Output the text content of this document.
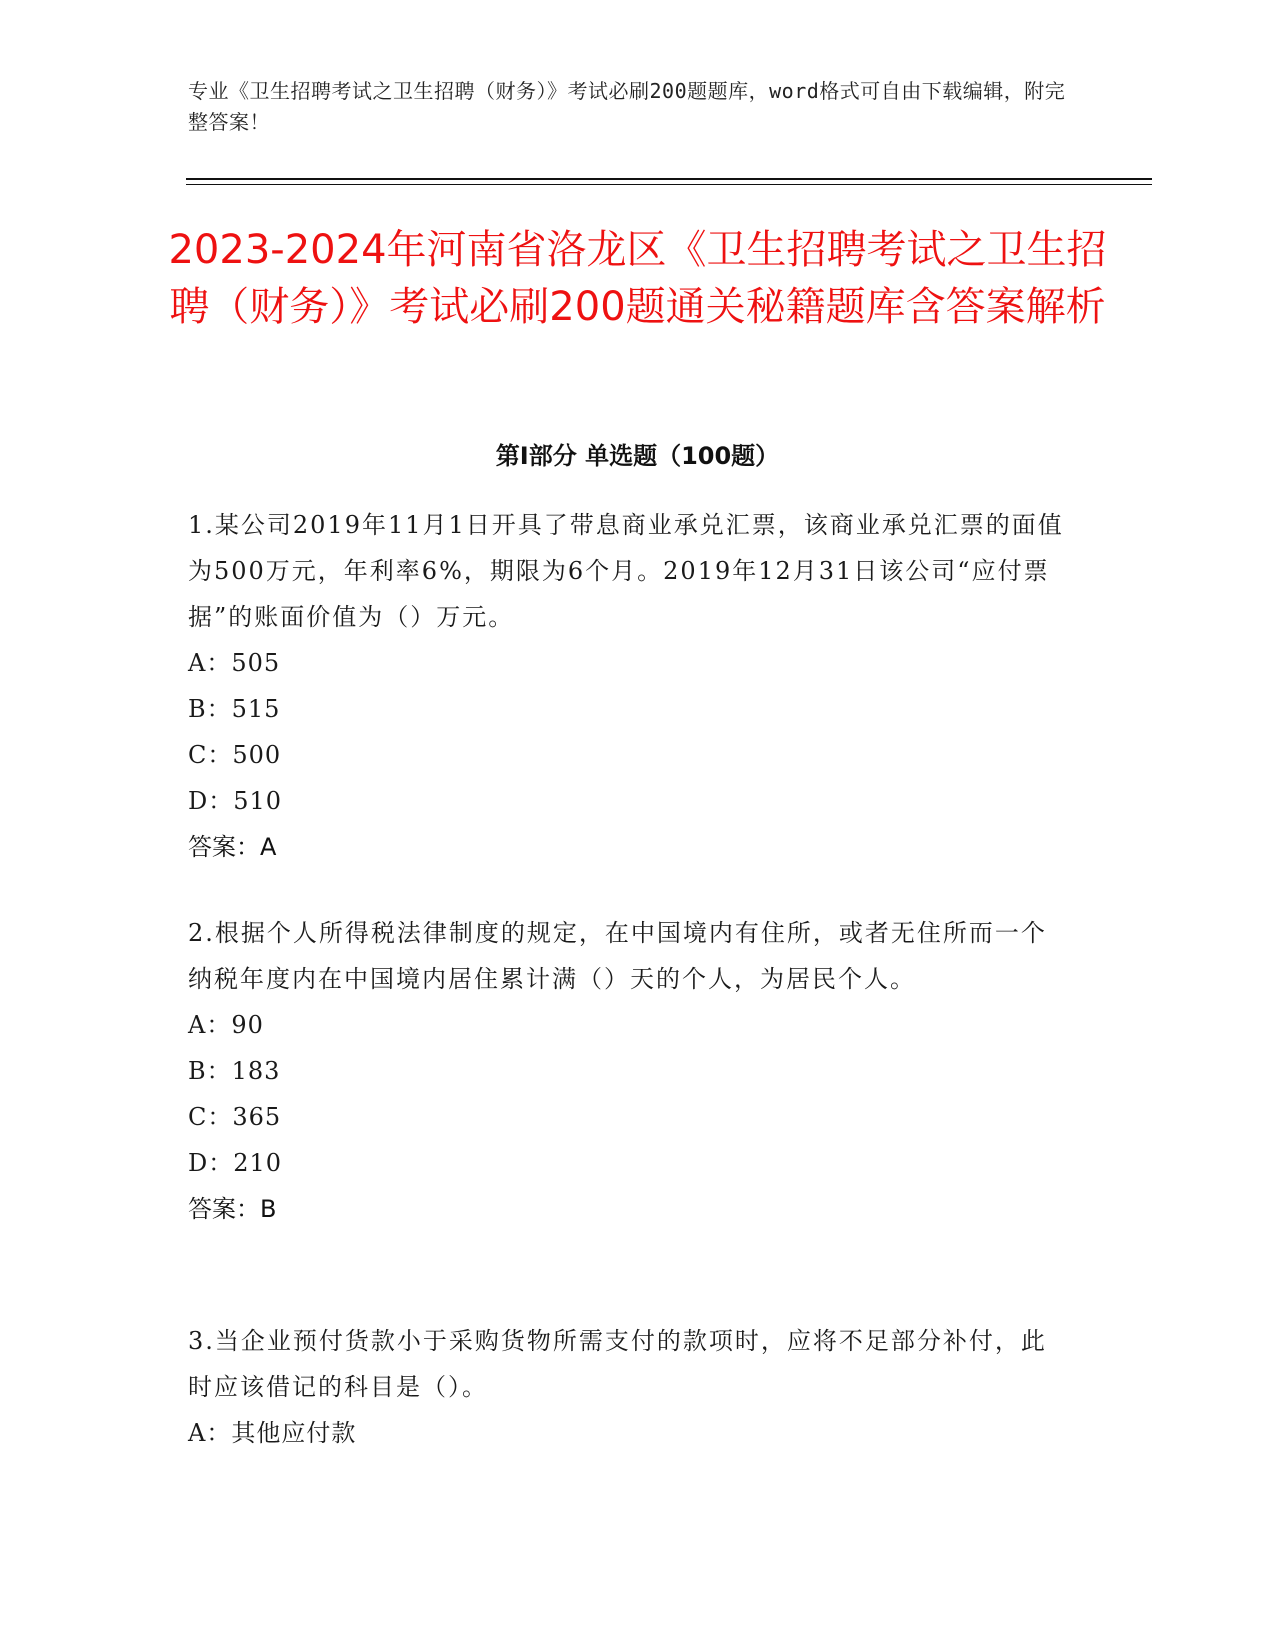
专业《卫生招聘考试之卫生招聘（财务）》考试必刷200题题库，word格式可自由下载编辑，附完整答案！
2023-2024年河南省洛龙区《卫生招聘考试之卫生招聘（财务）》考试必刷200题通关秘籍题库含答案解析
第I部分 单选题（100题）

1.某公司2019年11月1日开具了带息商业承兑汇票，该商业承兑汇票的面值为500万元，年利率6%，期限为6个月。2019年12月31日该公司“应付票据”的账面价值为（）万元。

A：505

B：515

C：500

D：510

答案：A

2.根据个人所得税法律制度的规定，在中国境内有住所，或者无住所而一个纳税年度内在中国境内居住累计满（）天的个人，为居民个人。

A：90

B：183

C：365

D：210

答案：B

3.当企业预付货款小于采购货物所需支付的款项时，应将不足部分补付，此时应该借记的科目是（）。

A：其他应付款
